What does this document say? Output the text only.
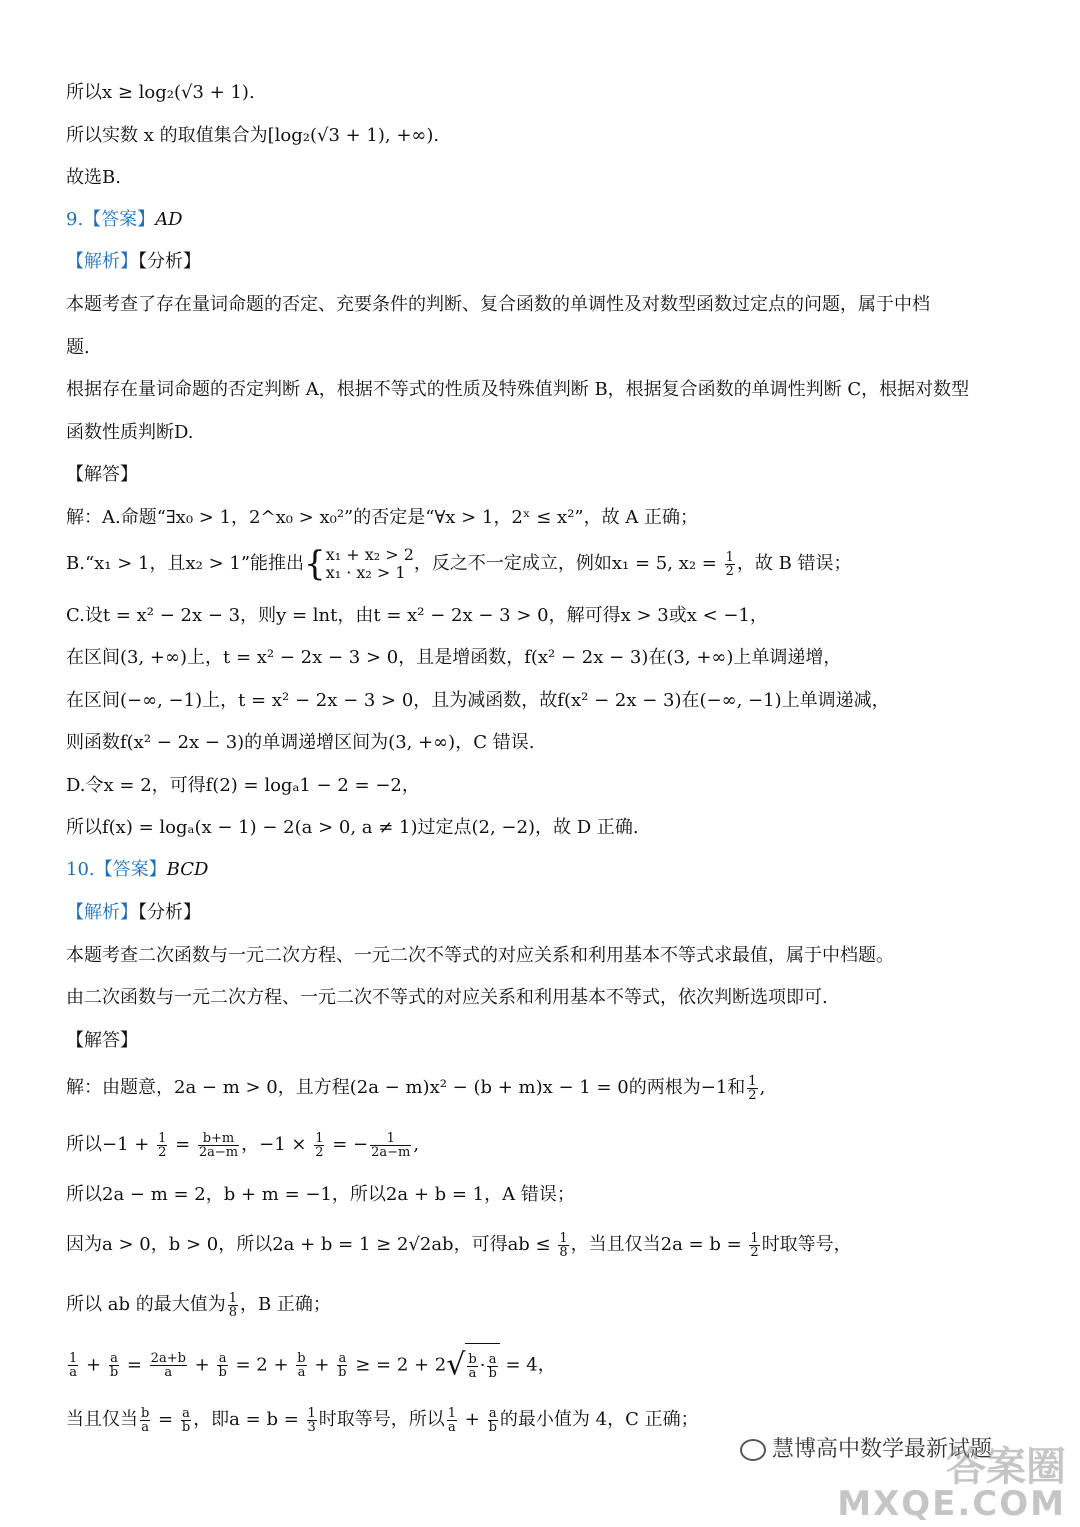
所以x ≥ log₂(√3 + 1).
所以实数 x 的取值集合为[log₂(√3 + 1), +∞).
故选B.
9.【答案】AD
【解析】【分析】
本题考查了存在量词命题的否定、充要条件的判断、复合函数的单调性及对数型函数过定点的问题，属于中档
题.
根据存在量词命题的否定判断 A，根据不等式的性质及特殊值判断 B，根据复合函数的单调性判断 C，根据对数型
函数性质判断D.
【解答】
解：A.命题“∃x₀ > 1，2^x₀ > x₀²”的否定是“∀x > 1，2ˣ ≤ x²”，故 A 正确；
B.“x₁ > 1，且x₂ > 1”能推出{ x₁ + x₂ > 2
x₁ · x₂ > 1 ，反之不一定成立，例如x₁ = 5, $x_2 = \frac{1}{2}$ ，故 B 错误；
C.设t = x² − 2x − 3，则y = lnt，由t = x² − 2x − 3 > 0，解可得x > 3或x < −1，
在区间(3, +∞)上，t = x² − 2x − 3 > 0，且是增函数，f(x² − 2x − 3)在(3, +∞)上单调递增，
在区间(−∞, −1)上，t = x² − 2x − 3 > 0，且为减函数，故f(x² − 2x − 3)在(−∞, −1)上单调递减，
则函数f(x² − 2x − 3)的单调递增区间为(3, +∞)，C 错误.
D.令x = 2，可得f(2) = logₐ1 − 2 = −2，
所以f(x) = logₐ(x − 1) − 2(a > 0, a ≠ 1)过定点(2, −2)，故 D 正确.
10.【答案】BCD
【解析】【分析】
本题考查二次函数与一元二次方程、一元二次不等式的对应关系和利用基本不等式求最值，属于中档题。
由二次函数与一元二次方程、一元二次不等式的对应关系和利用基本不等式，依次判断选项即可.
【解答】
解：由题意，2a − m > 0，且方程(2a − m)x² − (b + m)x − 1 = 0的两根为−1和 $\frac{1}{2}$ ,
所以$-1 + \frac{1}{2} = \frac{b+m}{2a-m}$ ，$-1 \times \frac{1}{2}$ = − $\frac{1}{2a-m}$ ,
所以2a − m = 2，b + m = −1，所以2a + b = 1，A 错误；
因为a > 0，b > 0，所以2a + b = 1 ≥ 2√2ab，可得ab ≤ $\frac{1}{8}$ ，当且仅当$2a = b = \frac{1}{2}$ 时取等号，
所以 ab 的最大值为 $\frac{1}{8}$ ，B 正确；
$\frac{1}{a} + \frac{a}{b} = \frac{2a+b}{a} + \frac{a}{b} = 2 + \frac{b}{a} + \frac{a}{b}$ ≥ = $2 + 2√ \frac{b}{a} \cdot \frac{a}{b} = 4$，
当且仅当 $\frac{b}{a} = \frac{a}{b}$ ，即$a = b = \frac{1}{3}$ 时取等号，所以 $\frac{1}{a} + \frac{a}{b}$ 的最小值为 4，C 正确；
慧博高中数学最新试题
答案圈
MXQE.COM
